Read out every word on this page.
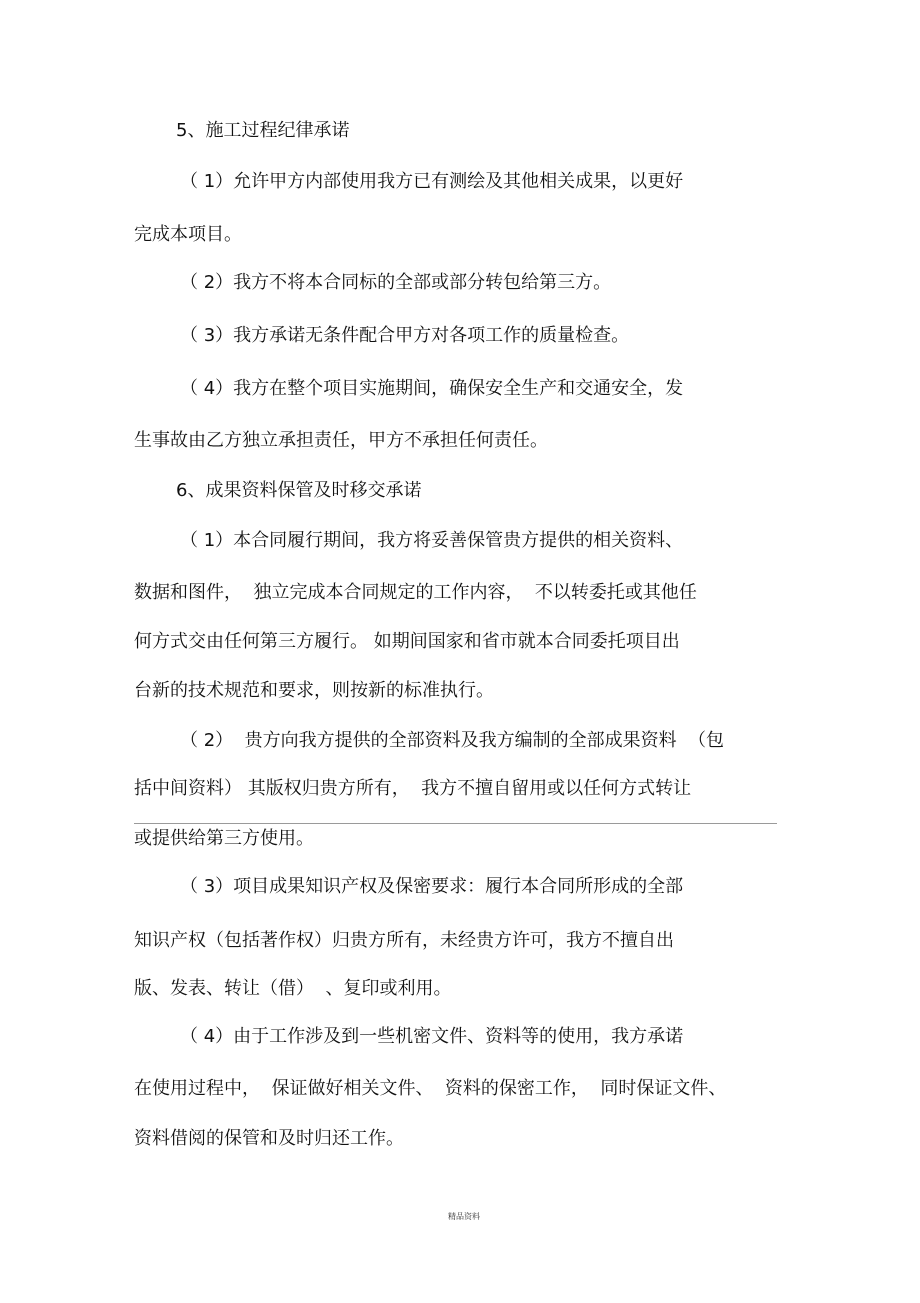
5、施工过程纪律承诺
（ 1）允许甲方内部使用我方已有测绘及其他相关成果，以更好
完成本项目。
（ 2）我方不将本合同标的全部或部分转包给第三方。
（ 3）我方承诺无条件配合甲方对各项工作的质量检查。
（ 4）我方在整个项目实施期间，确保安全生产和交通安全，发
生事故由乙方独立承担责任，甲方不承担任何责任。
6、成果资料保管及时移交承诺
（ 1）本合同履行期间，我方将妥善保管贵方提供的相关资料、
数据和图件，  独立完成本合同规定的工作内容，  不以转委托或其他任
何方式交由任何第三方履行。 如期间国家和省市就本合同委托项目出
台新的技术规范和要求，则按新的标准执行。
（ 2）  贵方向我方提供的全部资料及我方编制的全部成果资料  （包
括中间资料） 其版权归贵方所有，  我方不擅自留用或以任何方式转让
或提供给第三方使用。
（ 3）项目成果知识产权及保密要求：履行本合同所形成的全部
知识产权（包括著作权）归贵方所有，未经贵方许可，我方不擅自出
版、发表、转让（借）  、复印或利用。
（ 4）由于工作涉及到一些机密文件、资料等的使用，我方承诺
在使用过程中，  保证做好相关文件、  资料的保密工作，  同时保证文件、
资料借阅的保管和及时归还工作。
精品资料
